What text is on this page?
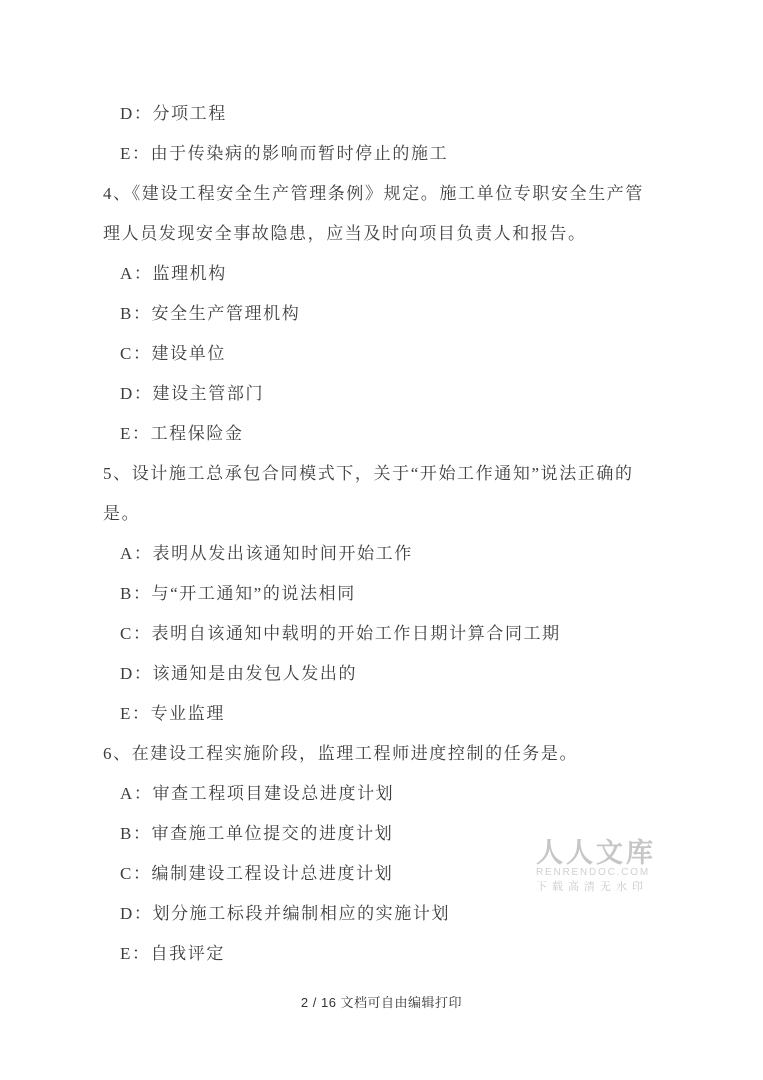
D：分项工程
E：由于传染病的影响而暂时停止的施工
4、《建设工程安全生产管理条例》规定。施工单位专职安全生产管
理人员发现安全事故隐患，应当及时向项目负责人和报告。
A：监理机构
B：安全生产管理机构
C：建设单位
D：建设主管部门
E：工程保险金
5、设计施工总承包合同模式下，关于“开始工作通知”说法正确的
是。
A：表明从发出该通知时间开始工作
B：与“开工通知”的说法相同
C：表明自该通知中载明的开始工作日期计算合同工期
D：该通知是由发包人发出的
E：专业监理
6、在建设工程实施阶段，监理工程师进度控制的任务是。
A：审查工程项目建设总进度计划
B：审查施工单位提交的进度计划
C：编制建设工程设计总进度计划
D：划分施工标段并编制相应的实施计划
E：自我评定
人人文库
RENRENDOC.COM
下载高清无水印
2 / 16 文档可自由编辑打印
